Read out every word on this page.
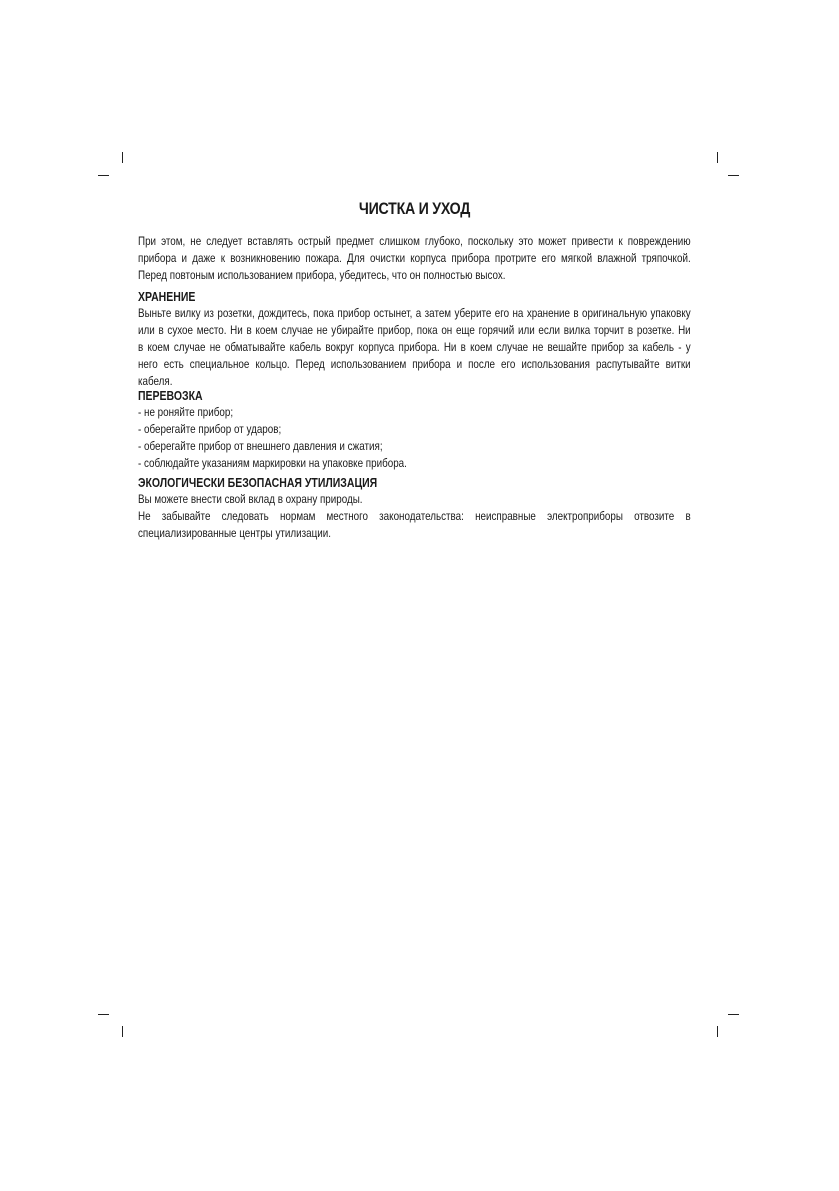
ЧИСТКА И УХОД
При этом, не следует вставлять острый предмет слишком глубоко, поскольку это может привести к повреждению
прибора и даже к возникновению пожара. Для очистки корпуса прибора протрите его мягкой влажной тряпочкой.
Перед повтоным использованием прибора, убедитесь, что он полностью высох.
ХРАНЕНИЕ
Выньте вилку из розетки, дождитесь, пока прибор остынет, а затем уберите его на хранение в оригинальную упаковку
или в сухое место. Ни в коем случае не убирайте прибор, пока он еще горячий или если вилка торчит в розетке. Ни
в коем случае не обматывайте кабель вокруг корпуса прибора. Ни в коем случае не вешайте прибор за кабель - у
него есть специальное кольцо. Перед использованием прибора и после его использования распутывайте витки
кабеля.
ПЕРЕВОЗКА
- не роняйте прибор;
- оберегайте прибор от ударов;
- оберегайте прибор от внешнего давления и сжатия;
- соблюдайте указаниям маркировки на упаковке прибора.
ЭКОЛОГИЧЕСКИ БЕЗОПАСНАЯ УТИЛИЗАЦИЯ
Вы можете внести свой вклад в охрану природы.
Не забывайте следовать нормам местного законодательства: неисправные электроприборы отвозите в
специализированные центры утилизации.
